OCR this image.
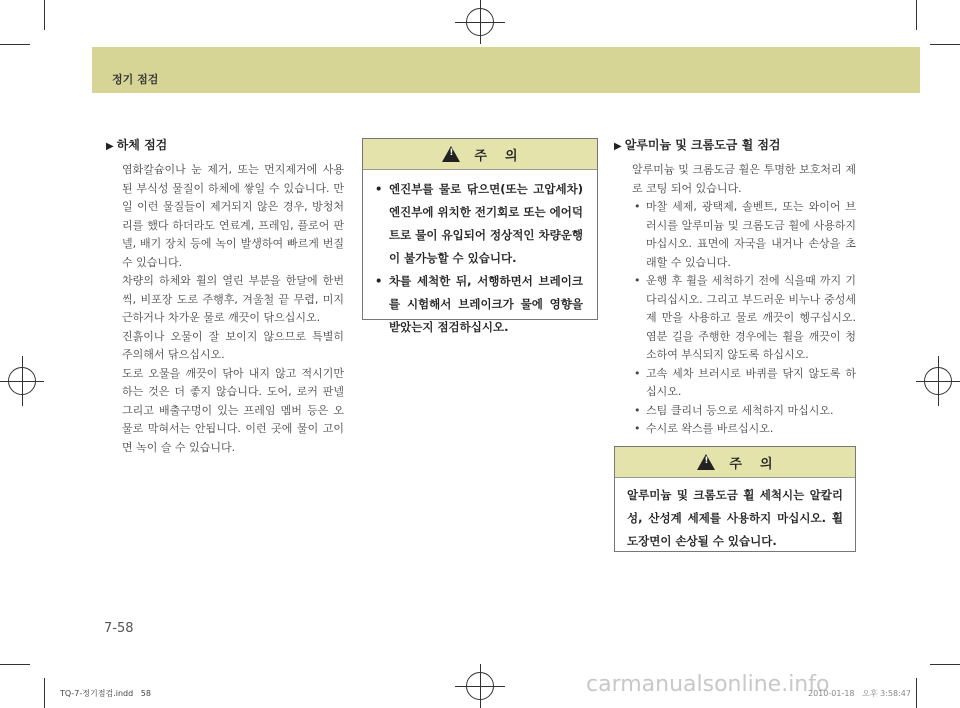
정기 점검
▶ 하체 점검
염화칼슘이나 눈 제거, 또는 먼지제거에 사용된 부식성 물질이 하체에 쌓일 수 있습니다. 만일 이런 물질들이 제거되지 않은 경우, 방청처리를 했다 하더라도 연료계, 프레임, 플로어 판넬, 배기 장치 등에 녹이 발생하여 빠르게 번질 수 있습니다.
차량의 하체와 휠의 열린 부분을 한달에 한번씩, 비포장 도로 주행후, 겨울철 끝 무렵, 미지근하거나 차가운 물로 깨끗이 닦으십시오.
진흙이나 오물이 잘 보이지 않으므로 특별히 주의해서 닦으십시오.
도로 오물을 깨끗이 닦아 내지 않고 적시기만 하는 것은 더 좋지 않습니다. 도어, 로커 판넬 그리고 배출구멍이 있는 프레임 멤버 등은 오물로 막혀서는 안됩니다. 이런 곳에 물이 고이면 녹이 슬 수 있습니다.
!
주    의
• 엔진부를 물로 닦으면(또는 고압세차) 엔진부에 위치한 전기회로 또는 에어덕트로 물이 유입되어 정상적인 차량운행이 불가능할 수 있습니다.
• 차를 세척한 뒤, 서행하면서 브레이크를 시험해서 브레이크가 물에 영향을 받았는지 점검하십시오.
▶ 알루미늄 및 크롬도금 휠 점검
알루미늄 및 크롬도금 휠은 투명한 보호처리 제로 코팅 되어 있습니다.
• 마찰 세제, 광택제, 솔벤트, 또는 와이어 브러시를 알루미늄 및 크롬도금 휠에 사용하지 마십시오. 표면에 자국을 내거나 손상을 초래할 수 있습니다.
• 운행 후 휠을 세척하기 전에 식을때 까지 기다리십시오. 그리고 부드러운 비누나 중성세제 만을 사용하고 물로 깨끗이 헹구십시오. 염분 길을 주행한 경우에는 휠을 깨끗이 청소하여 부식되지 않도록 하십시오.
• 고속 세차 브러시로 바퀴를 닦지 않도록 하십시오.
• 스팀 클리너 등으로 세척하지 마십시오.
• 수시로 왁스를 바르십시오.
!
주    의
알루미늄 및 크롬도금 휠 세척시는 알칼리성, 산성계 세제를 사용하지 마십시오. 휠 도장면이 손상될 수 있습니다.
7-58
carmanualsonline.info
TQ-7-정기점검.indd   58	2010-01-18   오후 3:58:47
